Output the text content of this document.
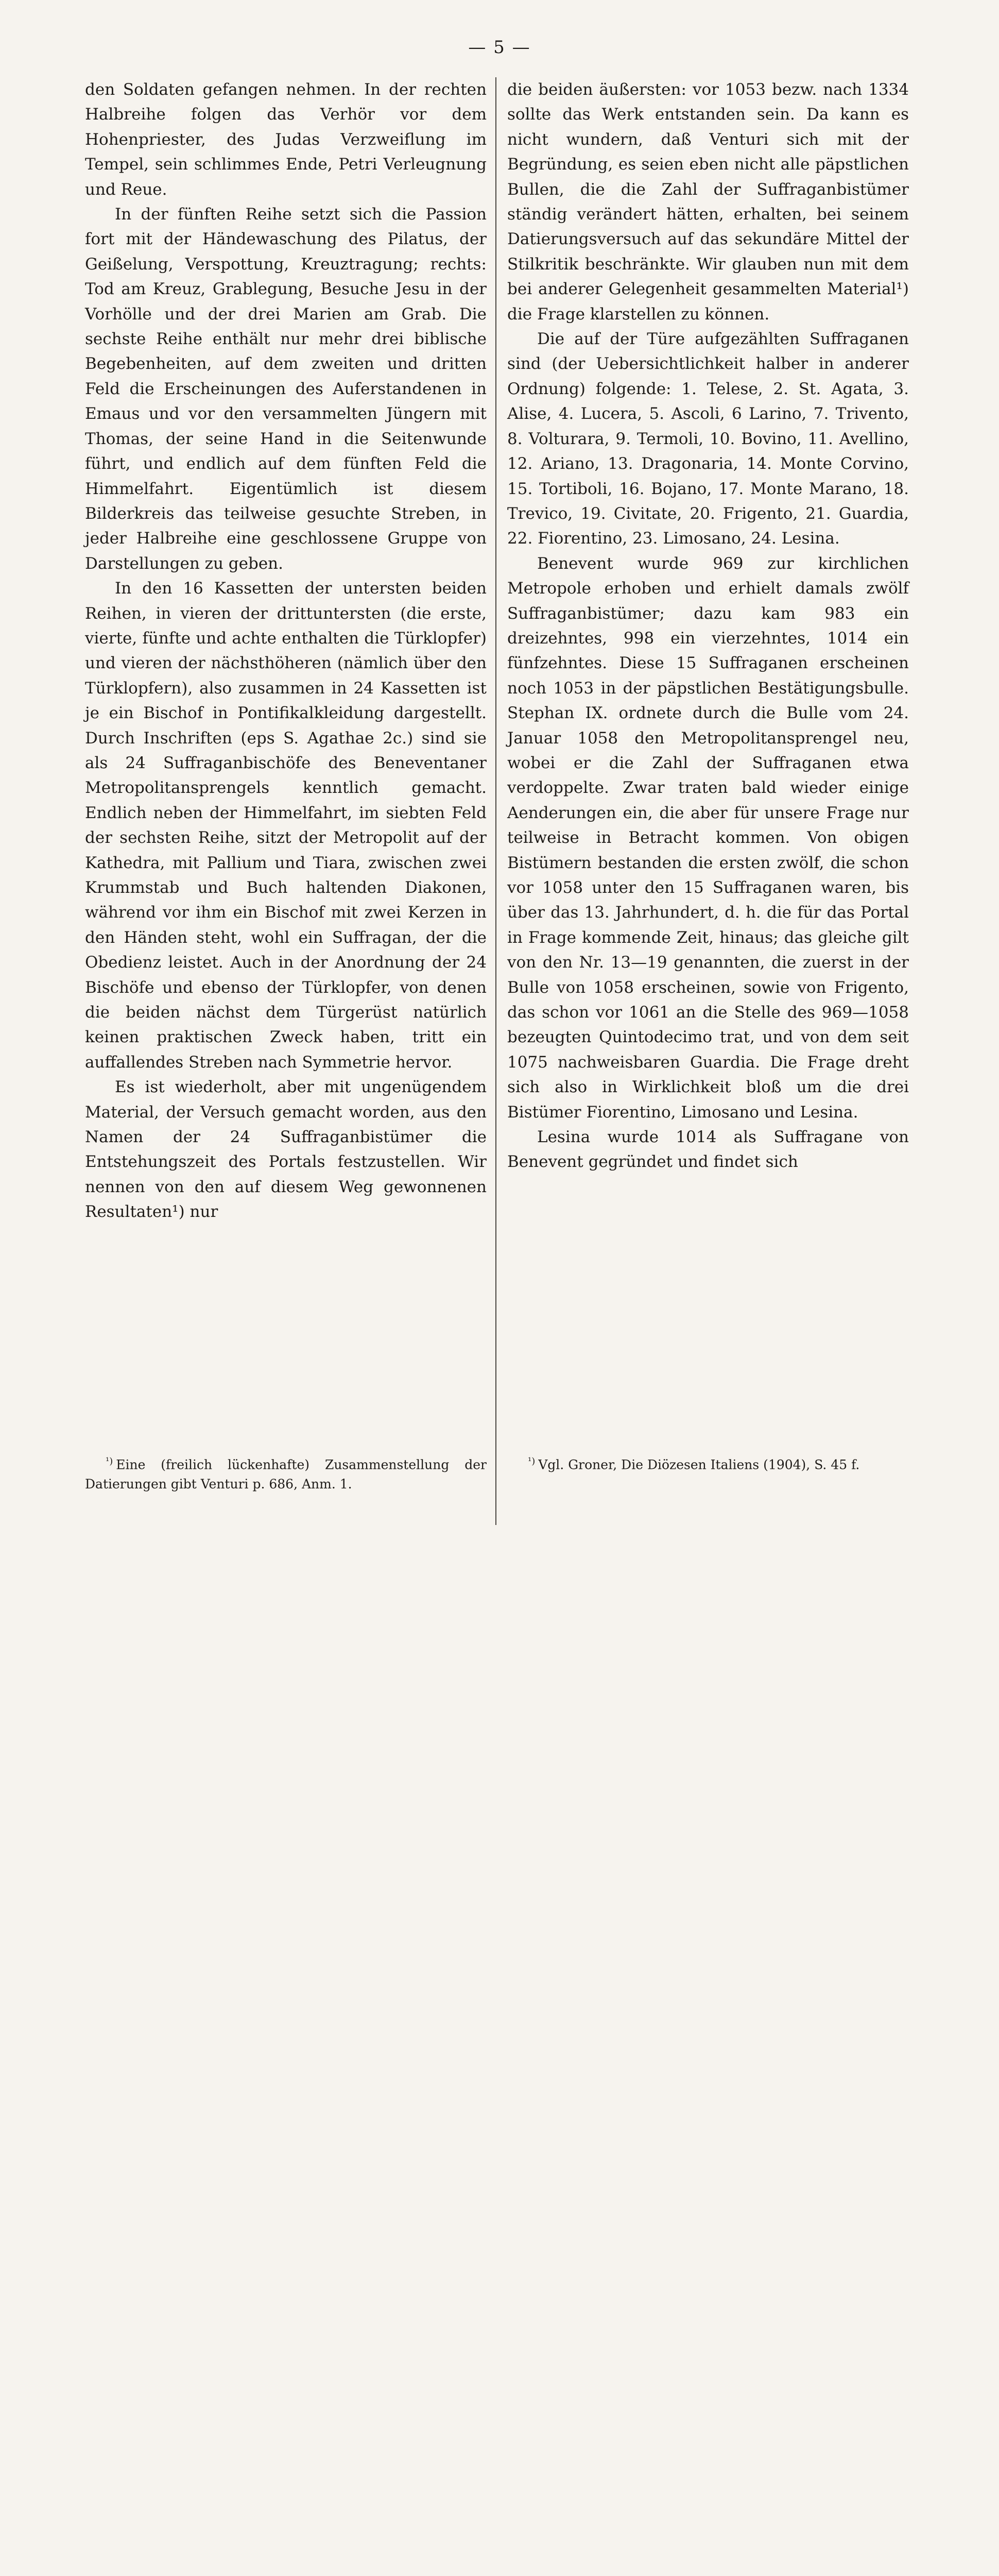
— 5 —

den Soldaten gefangen nehmen. In der rechten Halbreihe folgen das Verhör vor dem Hohenpriester, des Judas Verzweiflung im Tempel, sein schlimmes Ende, Petri Verleugnung und Reue.

In der fünften Reihe setzt sich die Passion fort mit der Händewaschung des Pilatus, der Geißelung, Verspottung, Kreuztragung; rechts: Tod am Kreuz, Grablegung, Besuche Jesu in der Vorhölle und der drei Marien am Grab. Die sechste Reihe enthält nur mehr drei biblische Begebenheiten, auf dem zweiten und dritten Feld die Erscheinungen des Auferstandenen in Emaus und vor den versammelten Jüngern mit Thomas, der seine Hand in die Seitenwunde führt, und endlich auf dem fünften Feld die Himmelfahrt. Eigentümlich ist diesem Bilderkreis das teilweise gesuchte Streben, in jeder Halbreihe eine geschlossene Gruppe von Darstellungen zu geben.

In den 16 Kassetten der untersten beiden Reihen, in vieren der drittuntersten (die erste, vierte, fünfte und achte enthalten die Türklopfer) und vieren der nächsthöheren (nämlich über den Türklopfern), also zusammen in 24 Kassetten ist je ein Bischof in Pontifikalkleidung dargestellt. Durch Inschriften (eps S. Agathae 2c.) sind sie als 24 Suffraganbischöfe des Beneventaner Metropolitansprengels kenntlich gemacht. Endlich neben der Himmelfahrt, im siebten Feld der sechsten Reihe, sitzt der Metropolit auf der Kathedra, mit Pallium und Tiara, zwischen zwei Krummstab und Buch haltenden Diakonen, während vor ihm ein Bischof mit zwei Kerzen in den Händen steht, wohl ein Suffragan, der die Obedienz leistet. Auch in der Anordnung der 24 Bischöfe und ebenso der Türklopfer, von denen die beiden nächst dem Türgerüst natürlich keinen praktischen Zweck haben, tritt ein auffallendes Streben nach Symmetrie hervor.

Es ist wiederholt, aber mit ungenügendem Material, der Versuch gemacht worden, aus den Namen der 24 Suffraganbistümer die Entstehungszeit des Portals festzustellen. Wir nennen von den auf diesem Weg gewonnenen Resultaten¹) nur

die beiden äußersten: vor 1053 bezw. nach 1334 sollte das Werk entstanden sein. Da kann es nicht wundern, daß Venturi sich mit der Begründung, es seien eben nicht alle päpstlichen Bullen, die die Zahl der Suffraganbistümer ständig verändert hätten, erhalten, bei seinem Datierungsversuch auf das sekundäre Mittel der Stilkritik beschränkte. Wir glauben nun mit dem bei anderer Gelegenheit gesammelten Material¹) die Frage klarstellen zu können.

Die auf der Türe aufgezählten Suffraganen sind (der Uebersichtlichkeit halber in anderer Ordnung) folgende: 1. Telese, 2. St. Agata, 3. Alise, 4. Lucera, 5. Ascoli, 6 Larino, 7. Trivento, 8. Volturara, 9. Termoli, 10. Bovino, 11. Avellino, 12. Ariano, 13. Dragonaria, 14. Monte Corvino, 15. Tortiboli, 16. Bojano, 17. Monte Marano, 18. Trevico, 19. Civitate, 20. Frigento, 21. Guardia, 22. Fiorentino, 23. Limosano, 24. Lesina.

Benevent wurde 969 zur kirchlichen Metropole erhoben und erhielt damals zwölf Suffraganbistümer; dazu kam 983 ein dreizehntes, 998 ein vierzehntes, 1014 ein fünfzehntes. Diese 15 Suffraganen erscheinen noch 1053 in der päpstlichen Bestätigungsbulle. Stephan IX. ordnete durch die Bulle vom 24. Januar 1058 den Metropolitansprengel neu, wobei er die Zahl der Suffraganen etwa verdoppelte. Zwar traten bald wieder einige Aenderungen ein, die aber für unsere Frage nur teilweise in Betracht kommen. Von obigen Bistümern bestanden die ersten zwölf, die schon vor 1058 unter den 15 Suffraganen waren, bis über das 13. Jahrhundert, d. h. die für das Portal in Frage kommende Zeit, hinaus; das gleiche gilt von den Nr. 13—19 genannten, die zuerst in der Bulle von 1058 erscheinen, sowie von Frigento, das schon vor 1061 an die Stelle des 969—1058 bezeugten Quintodecimo trat, und von dem seit 1075 nachweisbaren Guardia. Die Frage dreht sich also in Wirklichkeit bloß um die drei Bistümer Fiorentino, Limosano und Lesina.

Lesina wurde 1014 als Suffragane von Benevent gegründet und findet sich

$^{^1)}$ Eine (freilich lückenhafte) Zusammenstellung der Datierungen gibt Venturi p. 686, Anm. 1.
$^{^1)}$ Vgl. Groner, Die Diözesen Italiens (1904), S. 45 f.
